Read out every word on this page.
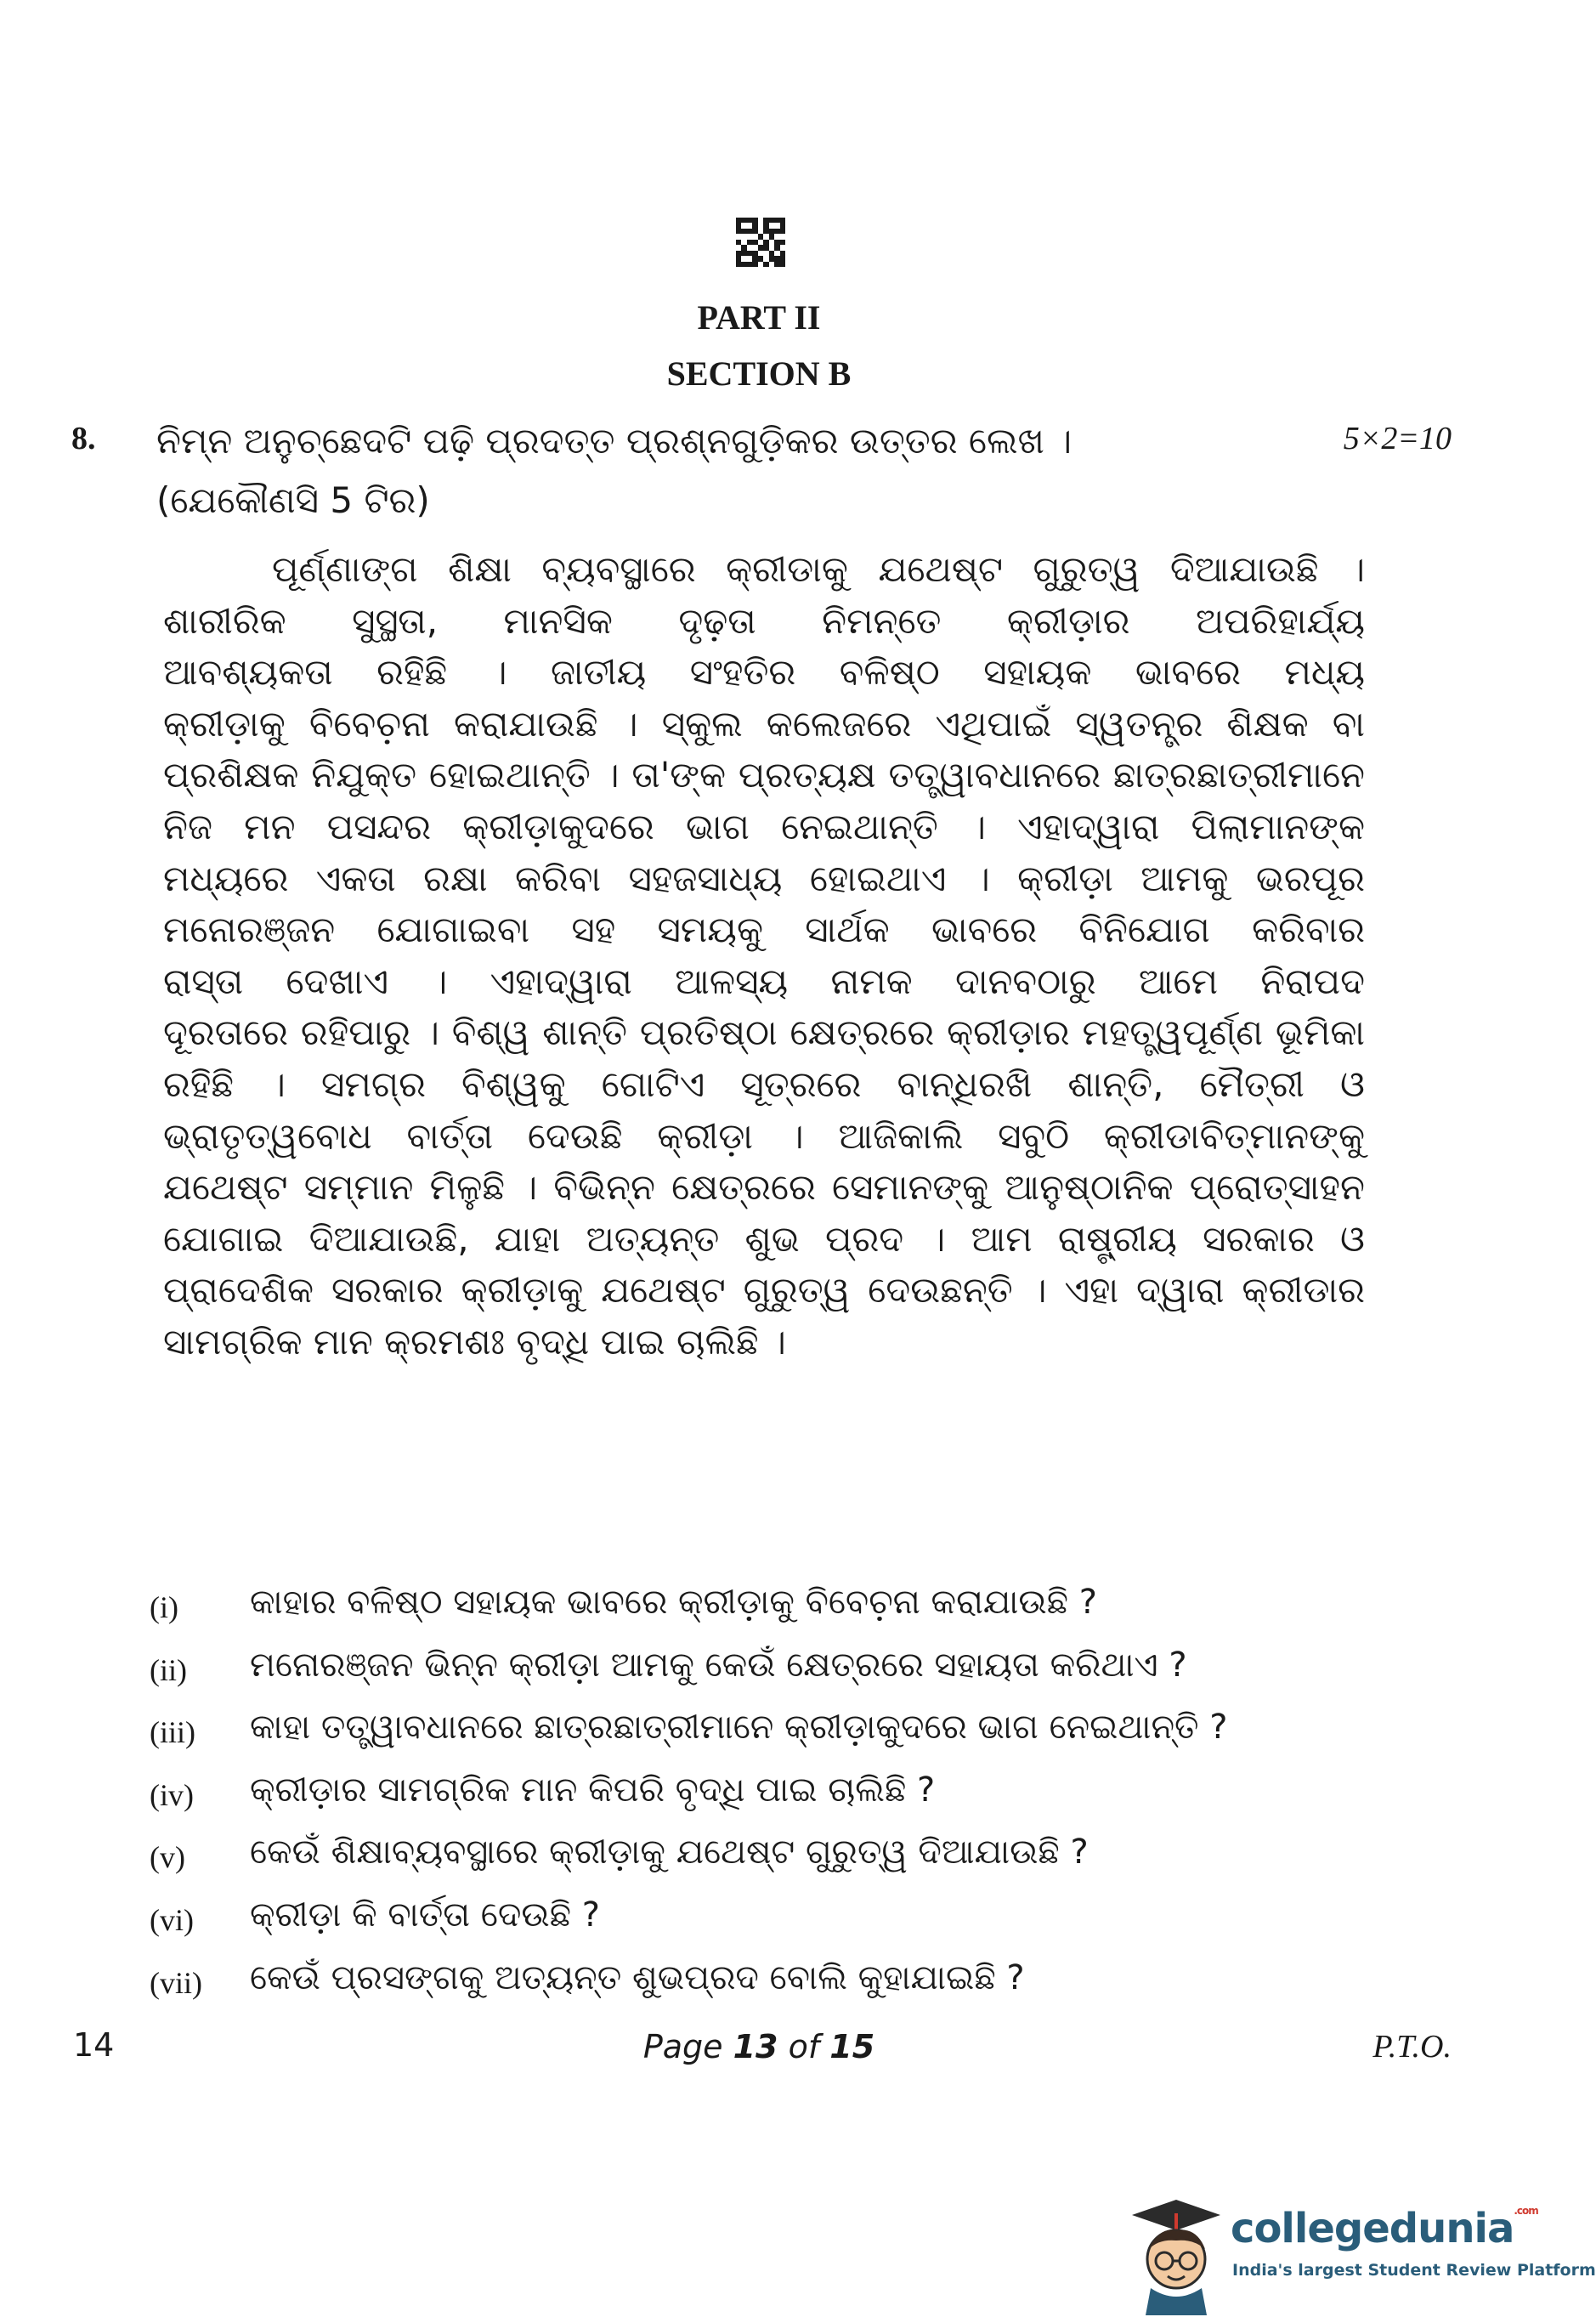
PART II
SECTION B
8. ନିମ୍ନ ଅନୁଚ୍ଛେଦଟି ପଢ଼ି ପ୍ରଦତ୍ତ ପ୍ରଶ୍ନଗୁଡ଼ିକର ଉତ୍ତର ଲେଖ ।
(ଯେକୌଣସି 5 ଟିର)
5×2=10
ପୂର୍ଣ୍ଣାଙ୍ଗ ଶିକ୍ଷା ବ୍ୟବସ୍ଥାରେ କ୍ରୀଡାକୁ ଯଥେଷ୍ଟ ଗୁରୁତ୍ୱ ଦିଆଯାଉଛି ।
ଶାରୀରିକ ସୁସ୍ଥତା, ମାନସିକ ଦୃଢ଼ତା ନିମନ୍ତେ କ୍ରୀଡ଼ାର ଅପରିହାର୍ଯ୍ୟ
ଆବଶ୍ୟକତା ରହିଛି । ଜାତୀୟ ସଂହତିର ବଳିଷ୍ଠ ସହାୟକ ଭାବରେ ମଧ୍ୟ
କ୍ରୀଡ଼ାକୁ ବିବେଚ଼ନା କରାଯାଉଛି । ସ୍କୁଲ କଲେଜରେ ଏଥିପାଇଁ ସ୍ୱତନ୍ତ୍ର ଶିକ୍ଷକ ବା
ପ୍ରଶିକ୍ଷକ ନିଯୁକ୍ତ ହୋଇଥାନ୍ତି । ତା'ଙ୍କ ପ୍ରତ୍ୟକ୍ଷ ତତ୍ତ୍ୱାବଧାନରେ ଛାତ୍ରଛାତ୍ରୀମାନେ
ନିଜ ମନ ପସନ୍ଦର କ୍ରୀଡ଼ାକୁଦରେ ଭାଗ ନେଇଥାନ୍ତି । ଏହାଦ୍ୱାରା ପିଲାମାନଙ୍କ
ମଧ୍ୟରେ ଏକତା ରକ୍ଷା କରିବା ସହଜସାଧ୍ୟ ହୋଇଥାଏ । କ୍ରୀଡ଼ା ଆମକୁ ଭରପୂର
ମନୋରଞ୍ଜନ ଯୋଗାଇବା ସହ ସମୟକୁ ସାର୍ଥକ ଭାବରେ ବିନିଯୋଗ କରିବାର
ରାସ୍ତା ଦେଖାଏ । ଏହାଦ୍ୱାରା ଆଳସ୍ୟ ନାମକ ଦାନବଠାରୁ ଆମେ ନିରାପଦ
ଦୂରତାରେ ରହିପାରୁ । ବିଶ୍ୱ ଶାନ୍ତି ପ୍ରତିଷ୍ଠା କ୍ଷେତ୍ରରେ କ୍ରୀଡ଼ାର ମହତ୍ତ୍ୱପୂର୍ଣ୍ଣ ଭୂମିକା
ରହିଛି । ସମଗ୍ର ବିଶ୍ୱକୁ ଗୋଟିଏ ସୂତ୍ରରେ ବାନ୍ଧିରଖି ଶାନ୍ତି, ମୈତ୍ରୀ ଓ
ଭ୍ରାତୃତ୍ୱବୋଧ ବାର୍ତ୍ତା ଦେଉଛି କ୍ରୀଡ଼ା । ଆଜିକାଲି ସବୁଠି କ୍ରୀଡାବିତ୍‌ମାନଙ୍କୁ
ଯଥେଷ୍ଟ ସମ୍ମାନ ମିଳୁଛି । ବିଭିନ୍ନ କ୍ଷେତ୍ରରେ ସେମାନଙ୍କୁ ଆନୁଷ୍ଠାନିକ ପ୍ରୋତ୍ସାହନ
ଯୋଗାଇ ଦିଆଯାଉଛି, ଯାହା ଅତ୍ୟନ୍ତ ଶୁଭ ପ୍ରଦ । ଆମ ରାଷ୍ଟ୍ରୀୟ ସରକାର ଓ
ପ୍ରାଦେଶିକ ସରକାର କ୍ରୀଡ଼ାକୁ ଯଥେଷ୍ଟ ଗୁରୁତ୍ୱ ଦେଉଛନ୍ତି । ଏହା ଦ୍ୱାରା କ୍ରୀଡାର
ସାମଗ୍ରିକ ମାନ କ୍ରମଶଃ ବୃଦ୍ଧି ପାଇ ଚାଲିଛି ।
(i) କାହାର ବଳିଷ୍ଠ ସହାୟକ ଭାବରେ କ୍ରୀଡ଼ାକୁ ବିବେଚ଼ନା କରାଯାଉଛି ?
(ii) ମନୋରଞ୍ଜନ ଭିନ୍ନ କ୍ରୀଡ଼ା ଆମକୁ କେଉଁ କ୍ଷେତ୍ରରେ ସହାୟତା କରିଥାଏ ?
(iii) କାହା ତତ୍ତ୍ୱାବଧାନରେ ଛାତ୍ରଛାତ୍ରୀମାନେ କ୍ରୀଡ଼ାକୁଦରେ ଭାଗ ନେଇଥାନ୍ତି ?
(iv) କ୍ରୀଡ଼ାର ସାମଗ୍ରିକ ମାନ କିପରି ବୃଦ୍ଧି ପାଇ ଚାଲିଛି ?
(v) କେଉଁ ଶିକ୍ଷାବ୍ୟବସ୍ଥାରେ କ୍ରୀଡ଼ାକୁ ଯଥେଷ୍ଟ ଗୁରୁତ୍ୱ ଦିଆଯାଉଛି ?
(vi) କ୍ରୀଡ଼ା କି ବାର୍ତ୍ତା ଦେଉଛି ?
(vii) କେଉଁ ପ୍ରସଙ୍ଗକୁ ଅତ୍ୟନ୍ତ ଶୁଭପ୍ରଦ ବୋଲି କୁହାଯାଇଛି ?
14	Page 13 of 15	P.T.O.
collegedunia$^{.com}$
India's largest Student Review Platform
